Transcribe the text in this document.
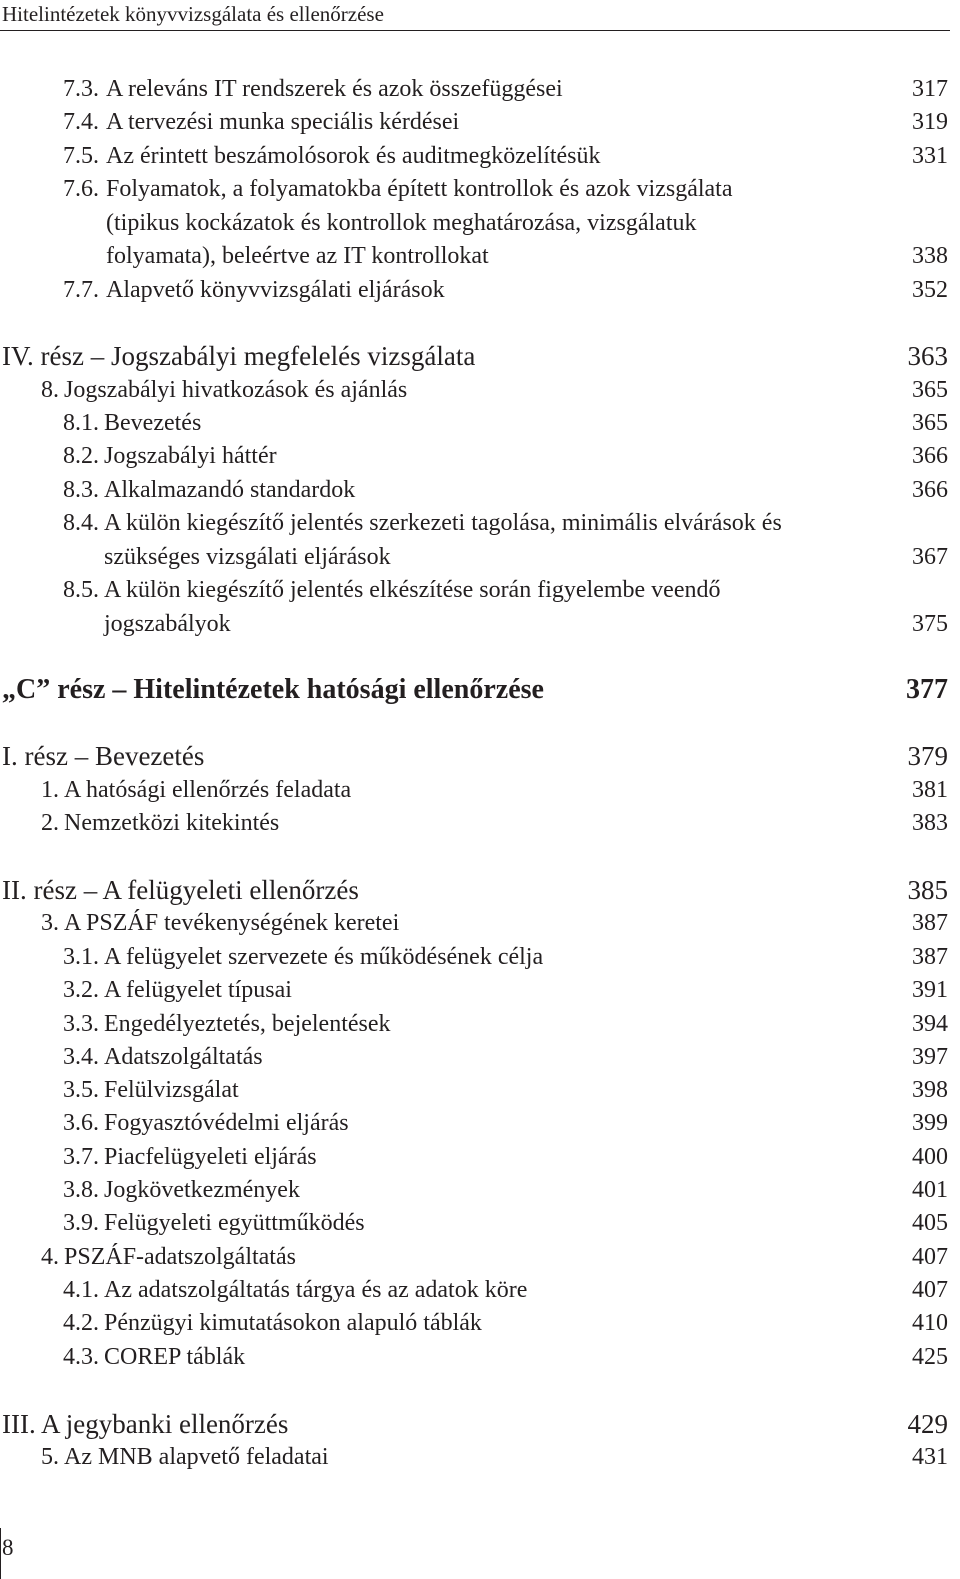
Hitelintézetek könyvvizsgálata és ellenőrzése
7.3. A releváns IT rendszerek és azok összefüggései	317
7.4. A tervezési munka speciális kérdései	319
7.5. Az érintett beszámolósorok és auditmegközelítésük	331
7.6. Folyamatok, a folyamatokba épített kontrollok és azok vizsgálata (tipikus kockázatok és kontrollok meghatározása, vizsgálatuk folyamata), beleértve az IT kontrollokat	338
7.7. Alapvető könyvvizsgálati eljárások	352
IV. rész – Jogszabályi megfelelés vizsgálata	363
8. Jogszabályi hivatkozások és ajánlás	365
8.1. Bevezetés	365
8.2. Jogszabályi háttér	366
8.3. Alkalmazandó standardok	366
8.4. A külön kiegészítő jelentés szerkezeti tagolása, minimális elvárások és szükséges vizsgálati eljárások	367
8.5. A külön kiegészítő jelentés elkészítése során figyelembe veendő jogszabályok	375
„C” rész – Hitelintézetek hatósági ellenőrzése	377
I. rész – Bevezetés	379
1. A hatósági ellenőrzés feladata	381
2. Nemzetközi kitekintés	383
II. rész – A felügyeleti ellenőrzés	385
3. A PSZÁF tevékenységének keretei	387
3.1. A felügyelet szervezete és működésének célja	387
3.2. A felügyelet típusai	391
3.3. Engedélyeztetés, bejelentések	394
3.4. Adatszolgáltatás	397
3.5. Felülvizsgálat	398
3.6. Fogyasztóvédelmi eljárás	399
3.7. Piacfelügyeleti eljárás	400
3.8. Jogkövetkezmények	401
3.9. Felügyeleti együttműködés	405
4. PSZÁF-adatszolgáltatás	407
4.1. Az adatszolgáltatás tárgya és az adatok köre	407
4.2. Pénzügyi kimutatásokon alapuló táblák	410
4.3. COREP táblák	425
III. A jegybanki ellenőrzés	429
5. Az MNB alapvető feladatai	431
8
